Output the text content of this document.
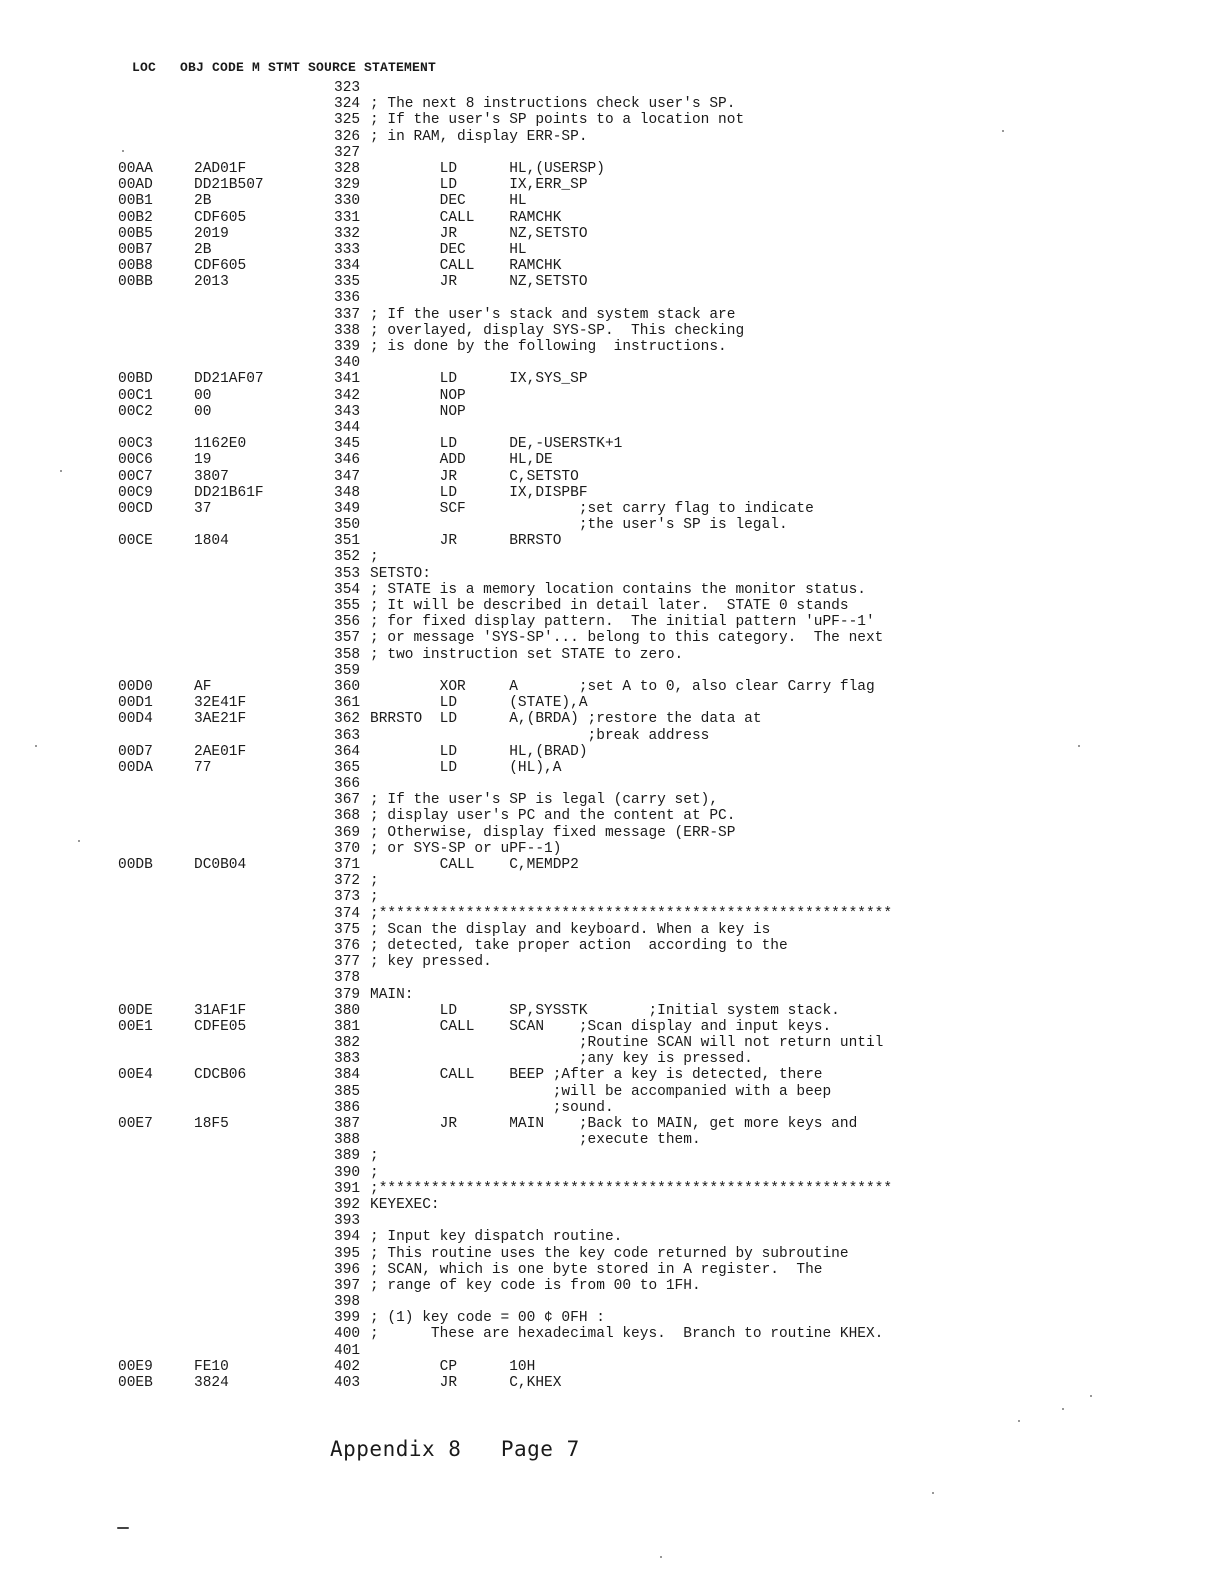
LOC   OBJ CODE M STMT SOURCE STATEMENT
323
324 ; The next 8 instructions check user's SP.
325 ; If the user's SP points to a location not
326 ; in RAM, display ERR-SP.
327
00AA	2AD01F	328 LD      HL,(USERSP)
00AD	DD21B507	329 LD      IX,ERR_SP
00B1	2B	330 DEC     HL
00B2	CDF605	331 CALL    RAMCHK
00B5	2019	332 JR      NZ,SETSTO
00B7	2B	333 DEC     HL
00B8	CDF605	334 CALL    RAMCHK
00BB	2013	335 JR      NZ,SETSTO
336
337 ; If the user's stack and system stack are
338 ; overlayed, display SYS-SP.  This checking
339 ; is done by the following  instructions.
340
00BD	DD21AF07	341 LD      IX,SYS_SP
00C1	00	342 NOP
00C2	00	343 NOP
344
00C3	1162E0	345 LD      DE,-USERSTK+1
00C6	19	346 ADD     HL,DE
00C7	3807	347 JR      C,SETSTO
00C9	DD21B61F	348 LD      IX,DISPBF
00CD	37	349 SCF             ;set carry flag to indicate
350 ;the user's SP is legal.
00CE	1804	351 JR      BRRSTO
352 ;
353 SETSTO:
354 ; STATE is a memory location contains the monitor status.
355 ; It will be described in detail later.  STATE 0 stands
356 ; for fixed display pattern.  The initial pattern 'uPF--1'
357 ; or message 'SYS-SP'... belong to this category.  The next
358 ; two instruction set STATE to zero.
359
00D0	AF	360 XOR     A       ;set A to 0, also clear Carry flag
00D1	32E41F	361 LD      (STATE),A
00D4	3AE21F	362 BRRSTO  LD      A,(BRDA) ;restore the data at
363 ;break address
00D7	2AE01F	364 LD      HL,(BRAD)
00DA	77	365 LD      (HL),A
366
367 ; If the user's SP is legal (carry set),
368 ; display user's PC and the content at PC.
369 ; Otherwise, display fixed message (ERR-SP
370 ; or SYS-SP or uPF--1)
00DB	DC0B04	371 CALL    C,MEMDP2
372 ;
373 ;
374 ;***********************************************************
375 ; Scan the display and keyboard. When a key is
376 ; detected, take proper action  according to the
377 ; key pressed.
378
379 MAIN:
00DE	31AF1F	380 LD      SP,SYSSTK       ;Initial system stack.
00E1	CDFE05	381 CALL    SCAN    ;Scan display and input keys.
382 ;Routine SCAN will not return until
383 ;any key is pressed.
00E4	CDCB06	384 CALL    BEEP ;After a key is detected, there
385 ;will be accompanied with a beep
386 ;sound.
00E7	18F5	387 JR      MAIN    ;Back to MAIN, get more keys and
388 ;execute them.
389 ;
390 ;
391 ;***********************************************************
392 KEYEXEC:
393
394 ; Input key dispatch routine.
395 ; This routine uses the key code returned by subroutine
396 ; SCAN, which is one byte stored in A register.  The
397 ; range of key code is from 00 to 1FH.
398
399 ; (1) key code = 00 ¢ 0FH :
400 ;      These are hexadecimal keys.  Branch to routine KHEX.
401
00E9	FE10	402 CP      10H
00EB	3824	403 JR      C,KHEX
Appendix 8   Page 7
